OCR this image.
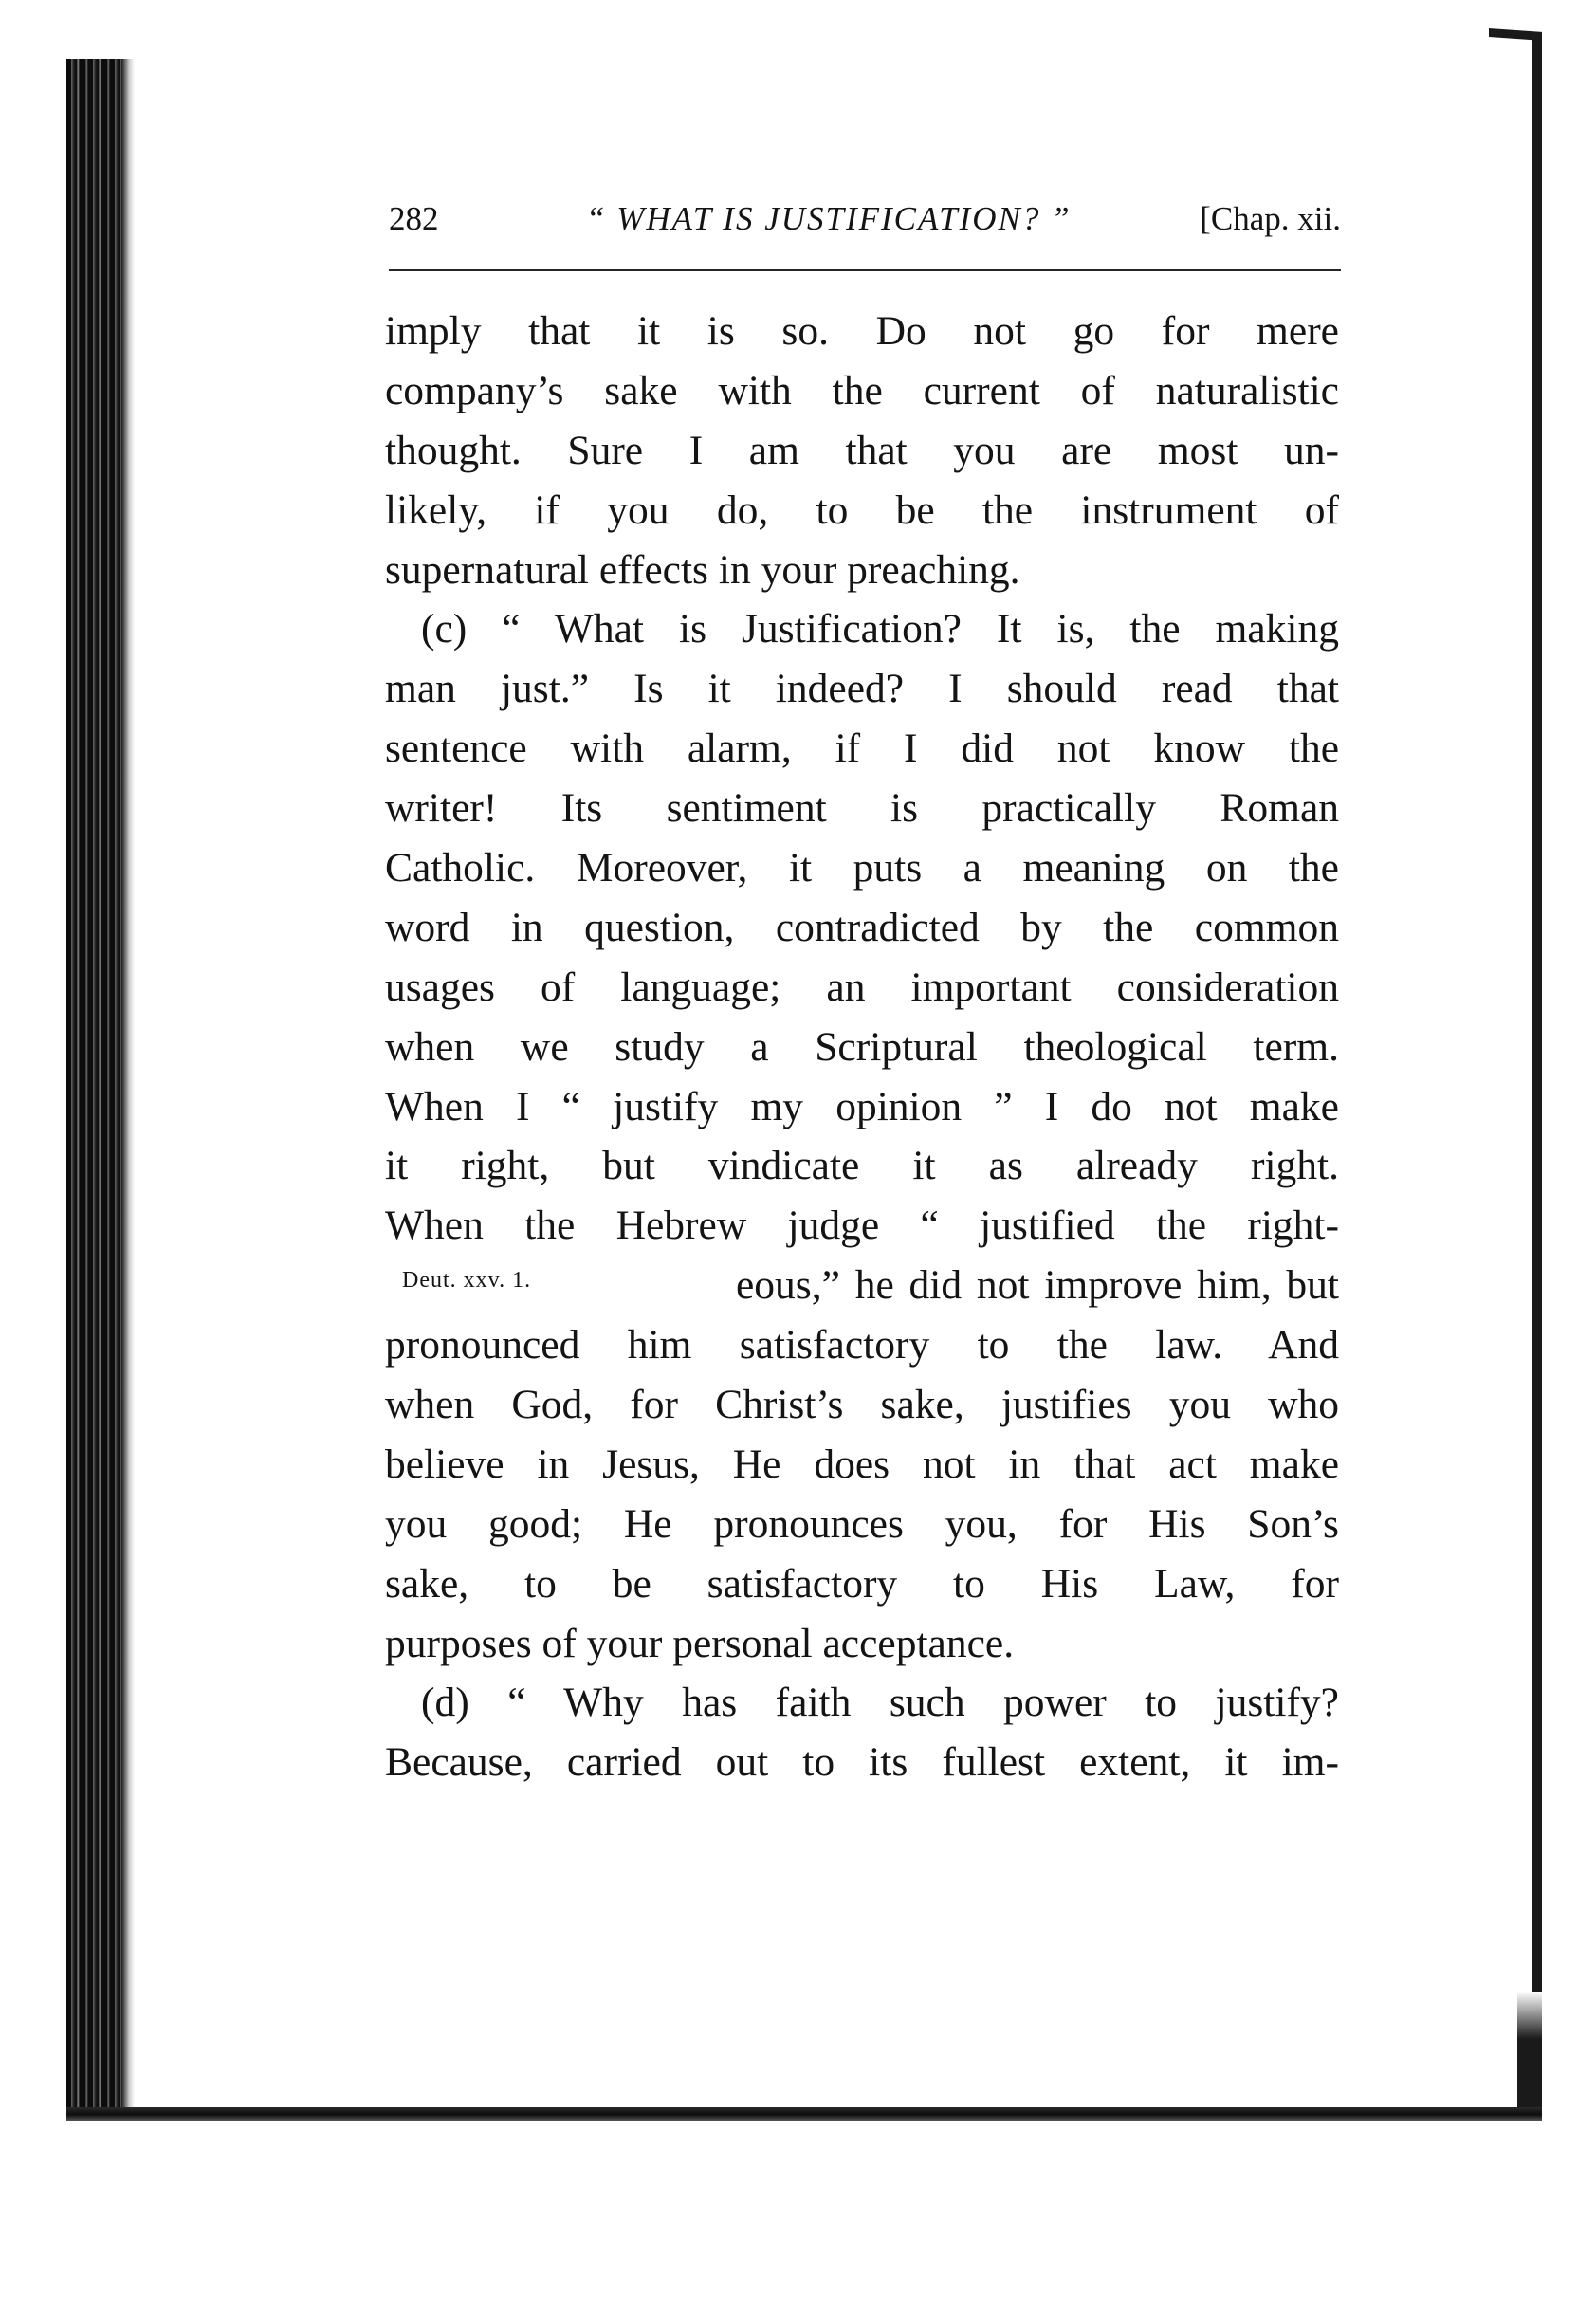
282	“ WHAT IS JUSTIFICATION? ”	[Chap. xii.
Deut. xxv. 1.
imply that it is so. Do not go for mere
company’s sake with the current of naturalistic
thought. Sure I am that you are most un-
likely, if you do, to be the instrument of
supernatural effects in your preaching.
(c) “ What is Justification? It is, the making
man just.” Is it indeed? I should read that
sentence with alarm, if I did not know the
writer! Its sentiment is practically Roman
Catholic. Moreover, it puts a meaning on the
word in question, contradicted by the common
usages of language; an important consideration
when we study a Scriptural theological term.
When I “ justify my opinion ” I do not make
it right, but vindicate it as already right.
When the Hebrew judge “ justified the right-
eous,” he did not improve him, but
pronounced him satisfactory to the law. And
when God, for Christ’s sake, justifies you who
believe in Jesus, He does not in that act make
you good; He pronounces you, for His Son’s
sake, to be satisfactory to His Law, for
purposes of your personal acceptance.
(d) “ Why has faith such power to justify?
Because, carried out to its fullest extent, it im-
